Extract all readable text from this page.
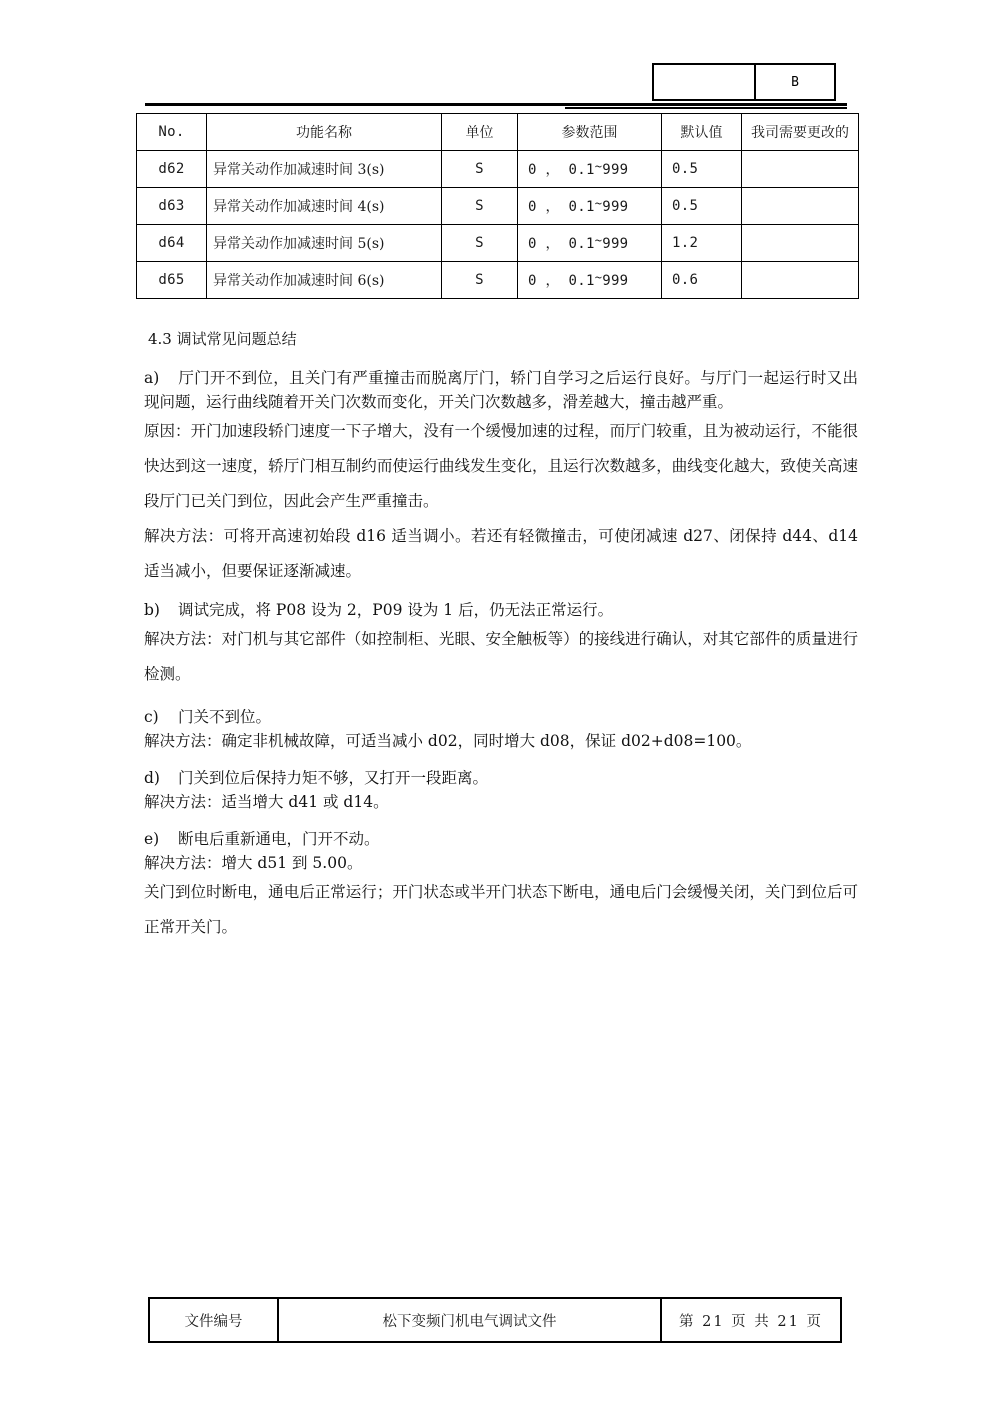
B
No.	功能名称	单位	参数范围	默认值	我司需要更改的
d62	异常关动作加减速时间 3(s)	S	0 ， 0.1~999	0.5	
d63	异常关动作加减速时间 4(s)	S	0 ， 0.1~999	0.5	
d64	异常关动作加减速时间 5(s)	S	0 ， 0.1~999	1.2	
d65	异常关动作加减速时间 6(s)	S	0 ， 0.1~999	0.6	
4.3 调试常见问题总结

a) 厅门开不到位，且关门有严重撞击而脱离厅门，轿门自学习之后运行良好。与厅门一起运行时又出现问题，运行曲线随着开关门次数而变化，开关门次数越多，滑差越大，撞击越严重。

原因：开门加速段轿门速度一下子增大，没有一个缓慢加速的过程，而厅门较重，且为被动运行，不能很快达到这一速度，轿厅门相互制约而使运行曲线发生变化，且运行次数越多，曲线变化越大，致使关高速段厅门已关门到位，因此会产生严重撞击。

解决方法：可将开高速初始段 d16 适当调小。若还有轻微撞击，可使闭减速 d27、闭保持 d44、d14 适当减小，但要保证逐渐减速。

b) 调试完成，将 P08 设为 2，P09 设为 1 后，仍无法正常运行。

解决方法：对门机与其它部件（如控制柜、光眼、安全触板等）的接线进行确认，对其它部件的质量进行检测。

c) 门关不到位。

解决方法：确定非机械故障，可适当减小 d02，同时增大 d08，保证 d02+d08=100。

d) 门关到位后保持力矩不够，又打开一段距离。

解决方法：适当增大 d41 或 d14。

e) 断电后重新通电，门开不动。

解决方法：增大 d51 到 5.00。

关门到位时断电，通电后正常运行；开门状态或半开门状态下断电，通电后门会缓慢关闭，关门到位后可正常开关门。

文件编号	松下变频门机电气调试文件	第 21 页 共 21 页
